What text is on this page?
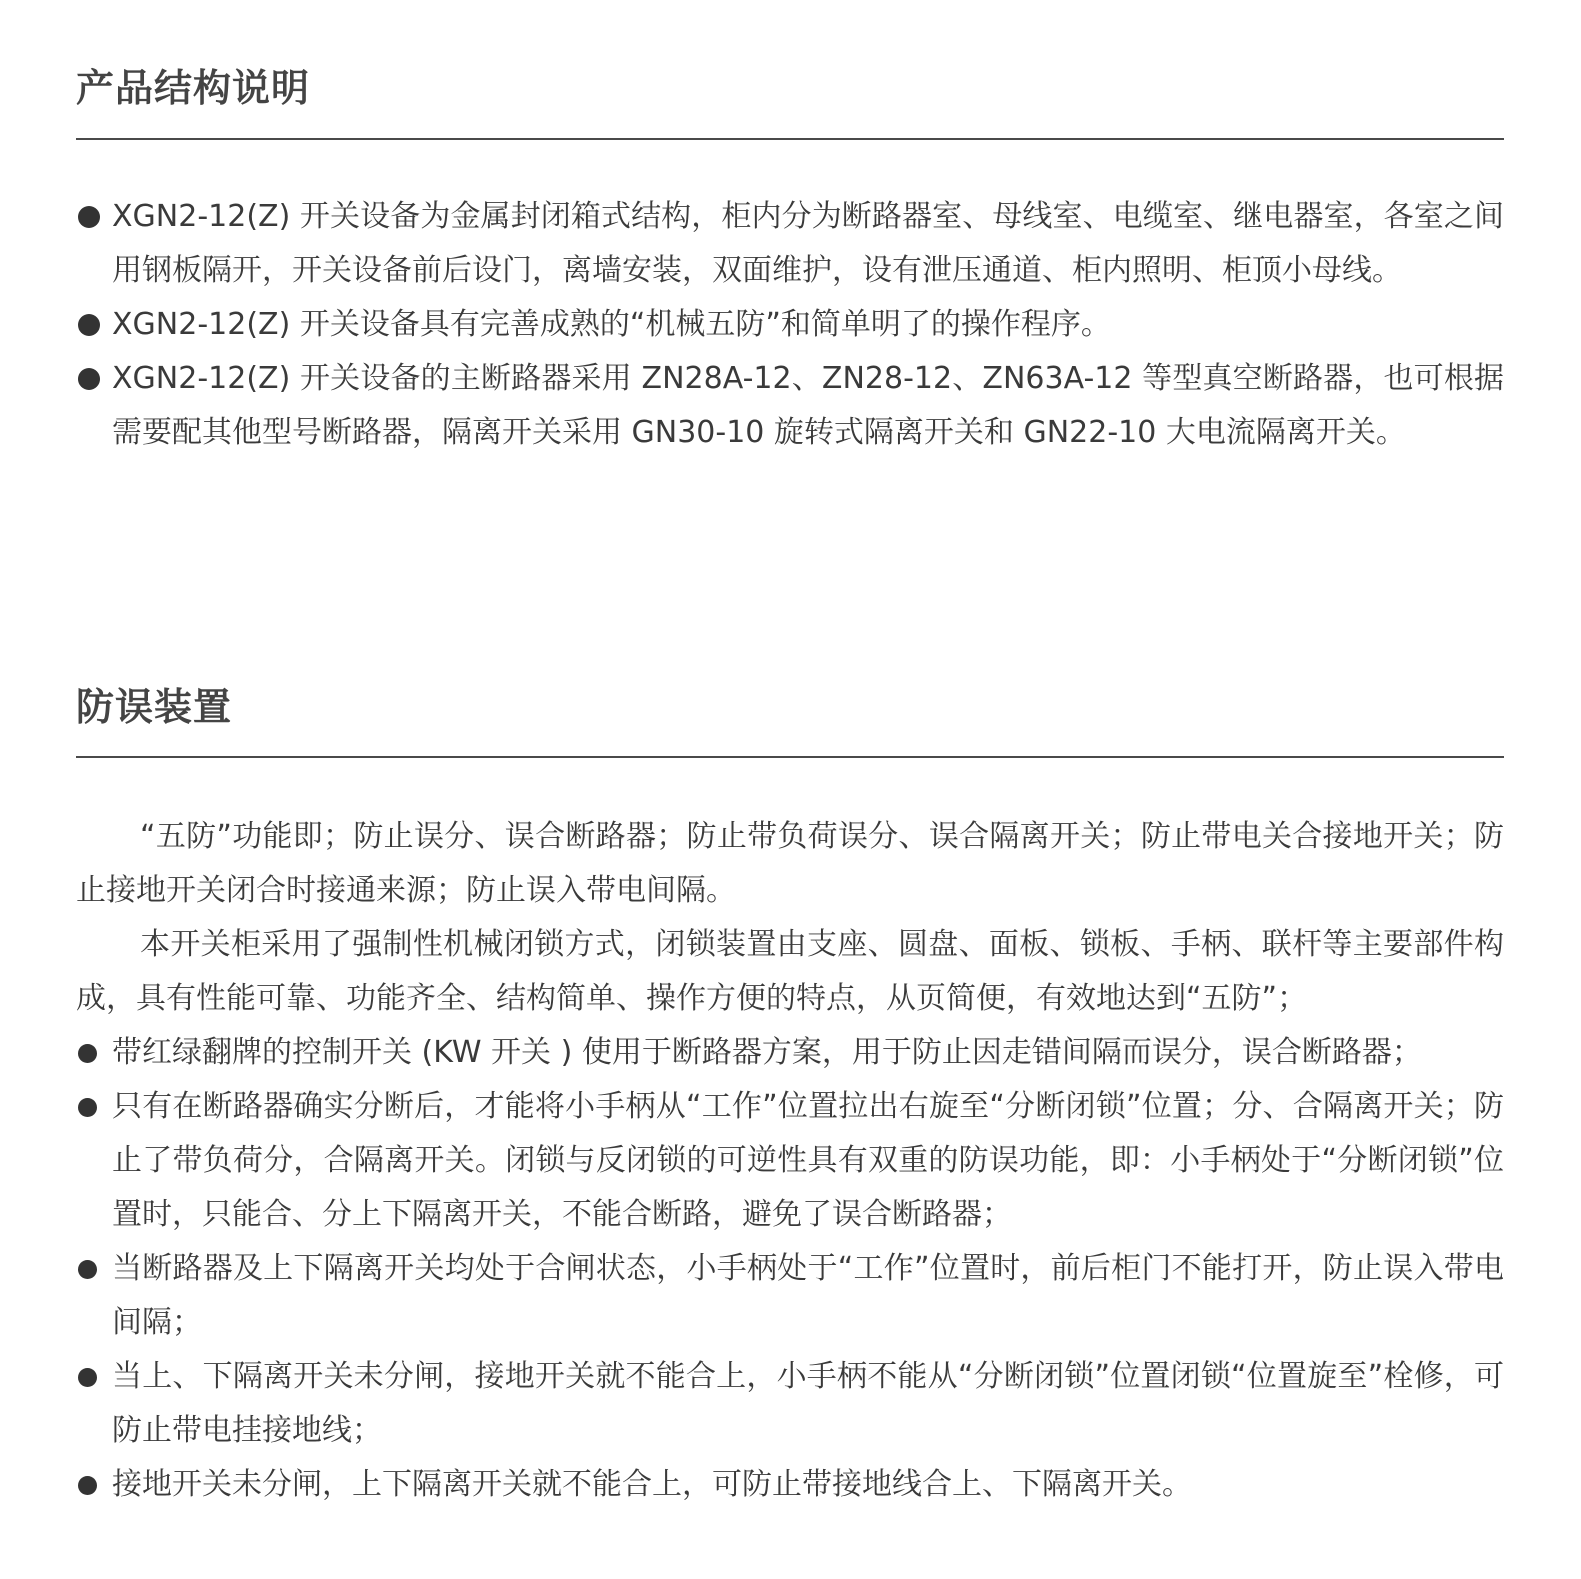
产品结构说明
XGN2-12(Z) 开关设备为金属封闭箱式结构，柜内分为断路器室、母线室、电缆室、继电器室，各室之间用钢板隔开，开关设备前后设门，离墙安装，双面维护，设有泄压通道、柜内照明、柜顶小母线。
XGN2-12(Z) 开关设备具有完善成熟的“机械五防”和简单明了的操作程序。
XGN2-12(Z) 开关设备的主断路器采用 ZN28A-12、ZN28-12、ZN63A-12 等型真空断路器，也可根据需要配其他型号断路器，隔离开关采用 GN30-10 旋转式隔离开关和 GN22-10 大电流隔离开关。
防误装置

“五防”功能即；防止误分、误合断路器；防止带负荷误分、误合隔离开关；防止带电关合接地开关；防止接地开关闭合时接通来源；防止误入带电间隔。

本开关柜采用了强制性机械闭锁方式，闭锁装置由支座、圆盘、面板、锁板、手柄、联杆等主要部件构成，具有性能可靠、功能齐全、结构简单、操作方便的特点，从页简便，有效地达到“五防”；

带红绿翻牌的控制开关 (KW 开关 ) 使用于断路器方案，用于防止因走错间隔而误分，误合断路器；
只有在断路器确实分断后，才能将小手柄从“工作”位置拉出右旋至“分断闭锁”位置；分、合隔离开关；防止了带负荷分，合隔离开关。闭锁与反闭锁的可逆性具有双重的防误功能，即：小手柄处于“分断闭锁”位置时，只能合、分上下隔离开关，不能合断路，避免了误合断路器；
当断路器及上下隔离开关均处于合闸状态，小手柄处于“工作”位置时，前后柜门不能打开，防止误入带电间隔；
当上、下隔离开关未分闸，接地开关就不能合上，小手柄不能从“分断闭锁”位置闭锁“位置旋至”栓修，可防止带电挂接地线；
接地开关未分闸，上下隔离开关就不能合上，可防止带接地线合上、下隔离开关。
